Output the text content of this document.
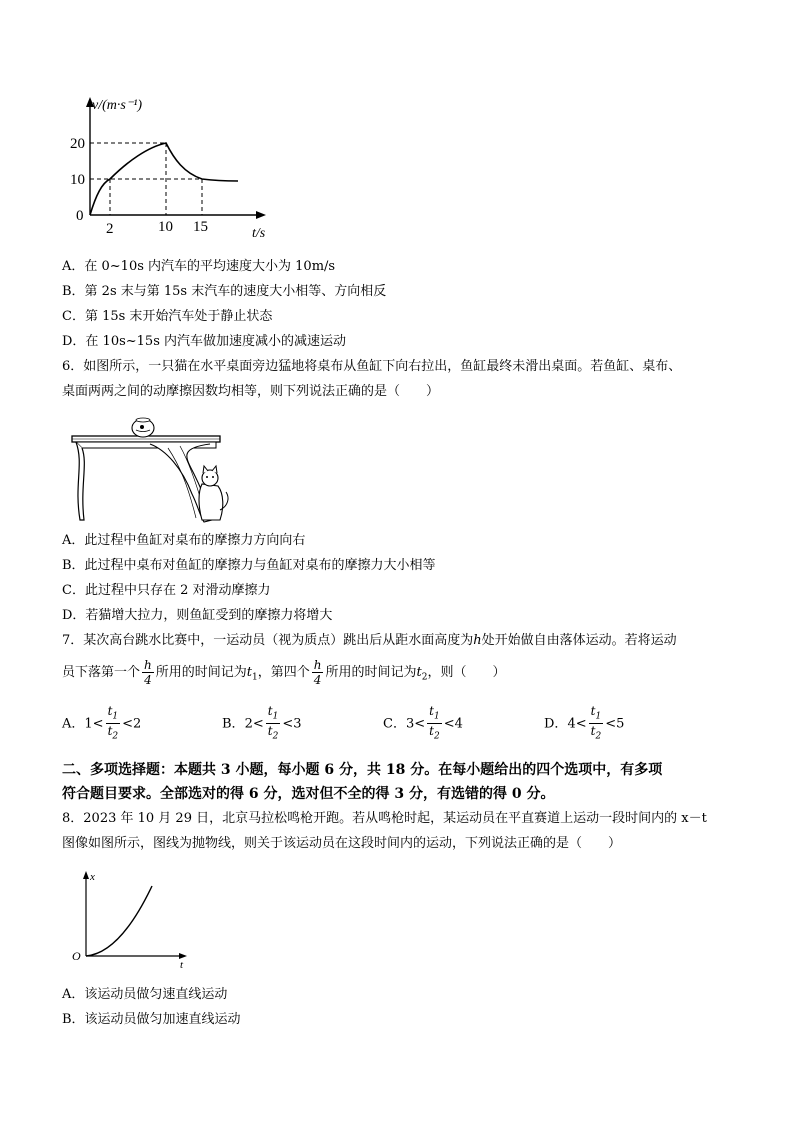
v/(m·s⁻¹)
20
10
0
2	10 15	t/s
A．在 0~10s 内汽车的平均速度大小为 10m/s
B．第 2s 末与第 15s 末汽车的速度大小相等、方向相反
C．第 15s 末开始汽车处于静止状态
D．在 10s~15s 内汽车做加速度减小的减速运动
6．如图所示，一只猫在水平桌面旁边猛地将桌布从鱼缸下向右拉出，鱼缸最终未滑出桌面。若鱼缸、桌布、
桌面两两之间的动摩擦因数均相等，则下列说法正确的是（　　）
A．此过程中鱼缸对桌布的摩擦力方向向右
B．此过程中桌布对鱼缸的摩擦力与鱼缸对桌布的摩擦力大小相等
C．此过程中只存在 2 对滑动摩擦力
D．若猫增大拉力，则鱼缸受到的摩擦力将增大
7．某次高台跳水比赛中，一运动员（视为质点）跳出后从距水面高度为h处开始做自由落体运动。若将运动
员下落第一个 $\frac{h}{4}$ 所用的时间记为$t_1$，第四个 $\frac{h}{4}$ 所用的时间记为$t_2$，则（　　）
A．$1< \frac{t_1}{t_2} <2$	B．$2< \frac{t_1}{t_2} <3$	C．$3< \frac{t_1}{t_2} <4$	D．$4< \frac{t_1}{t_2} <5$
二、多项选择题：本题共 3 小题，每小题 6 分，共 18 分。在每小题给出的四个选项中，有多项
符合题目要求。全部选对的得 6 分，选对但不全的得 3 分，有选错的得 0 分。
8．2023 年 10 月 29 日，北京马拉松鸣枪开跑。若从鸣枪时起，某运动员在平直赛道上运动一段时间内的 x－t
图像如图所示，图线为抛物线，则关于该运动员在这段时间内的运动，下列说法正确的是（　　）
x
O
t
A．该运动员做匀速直线运动
B．该运动员做匀加速直线运动
